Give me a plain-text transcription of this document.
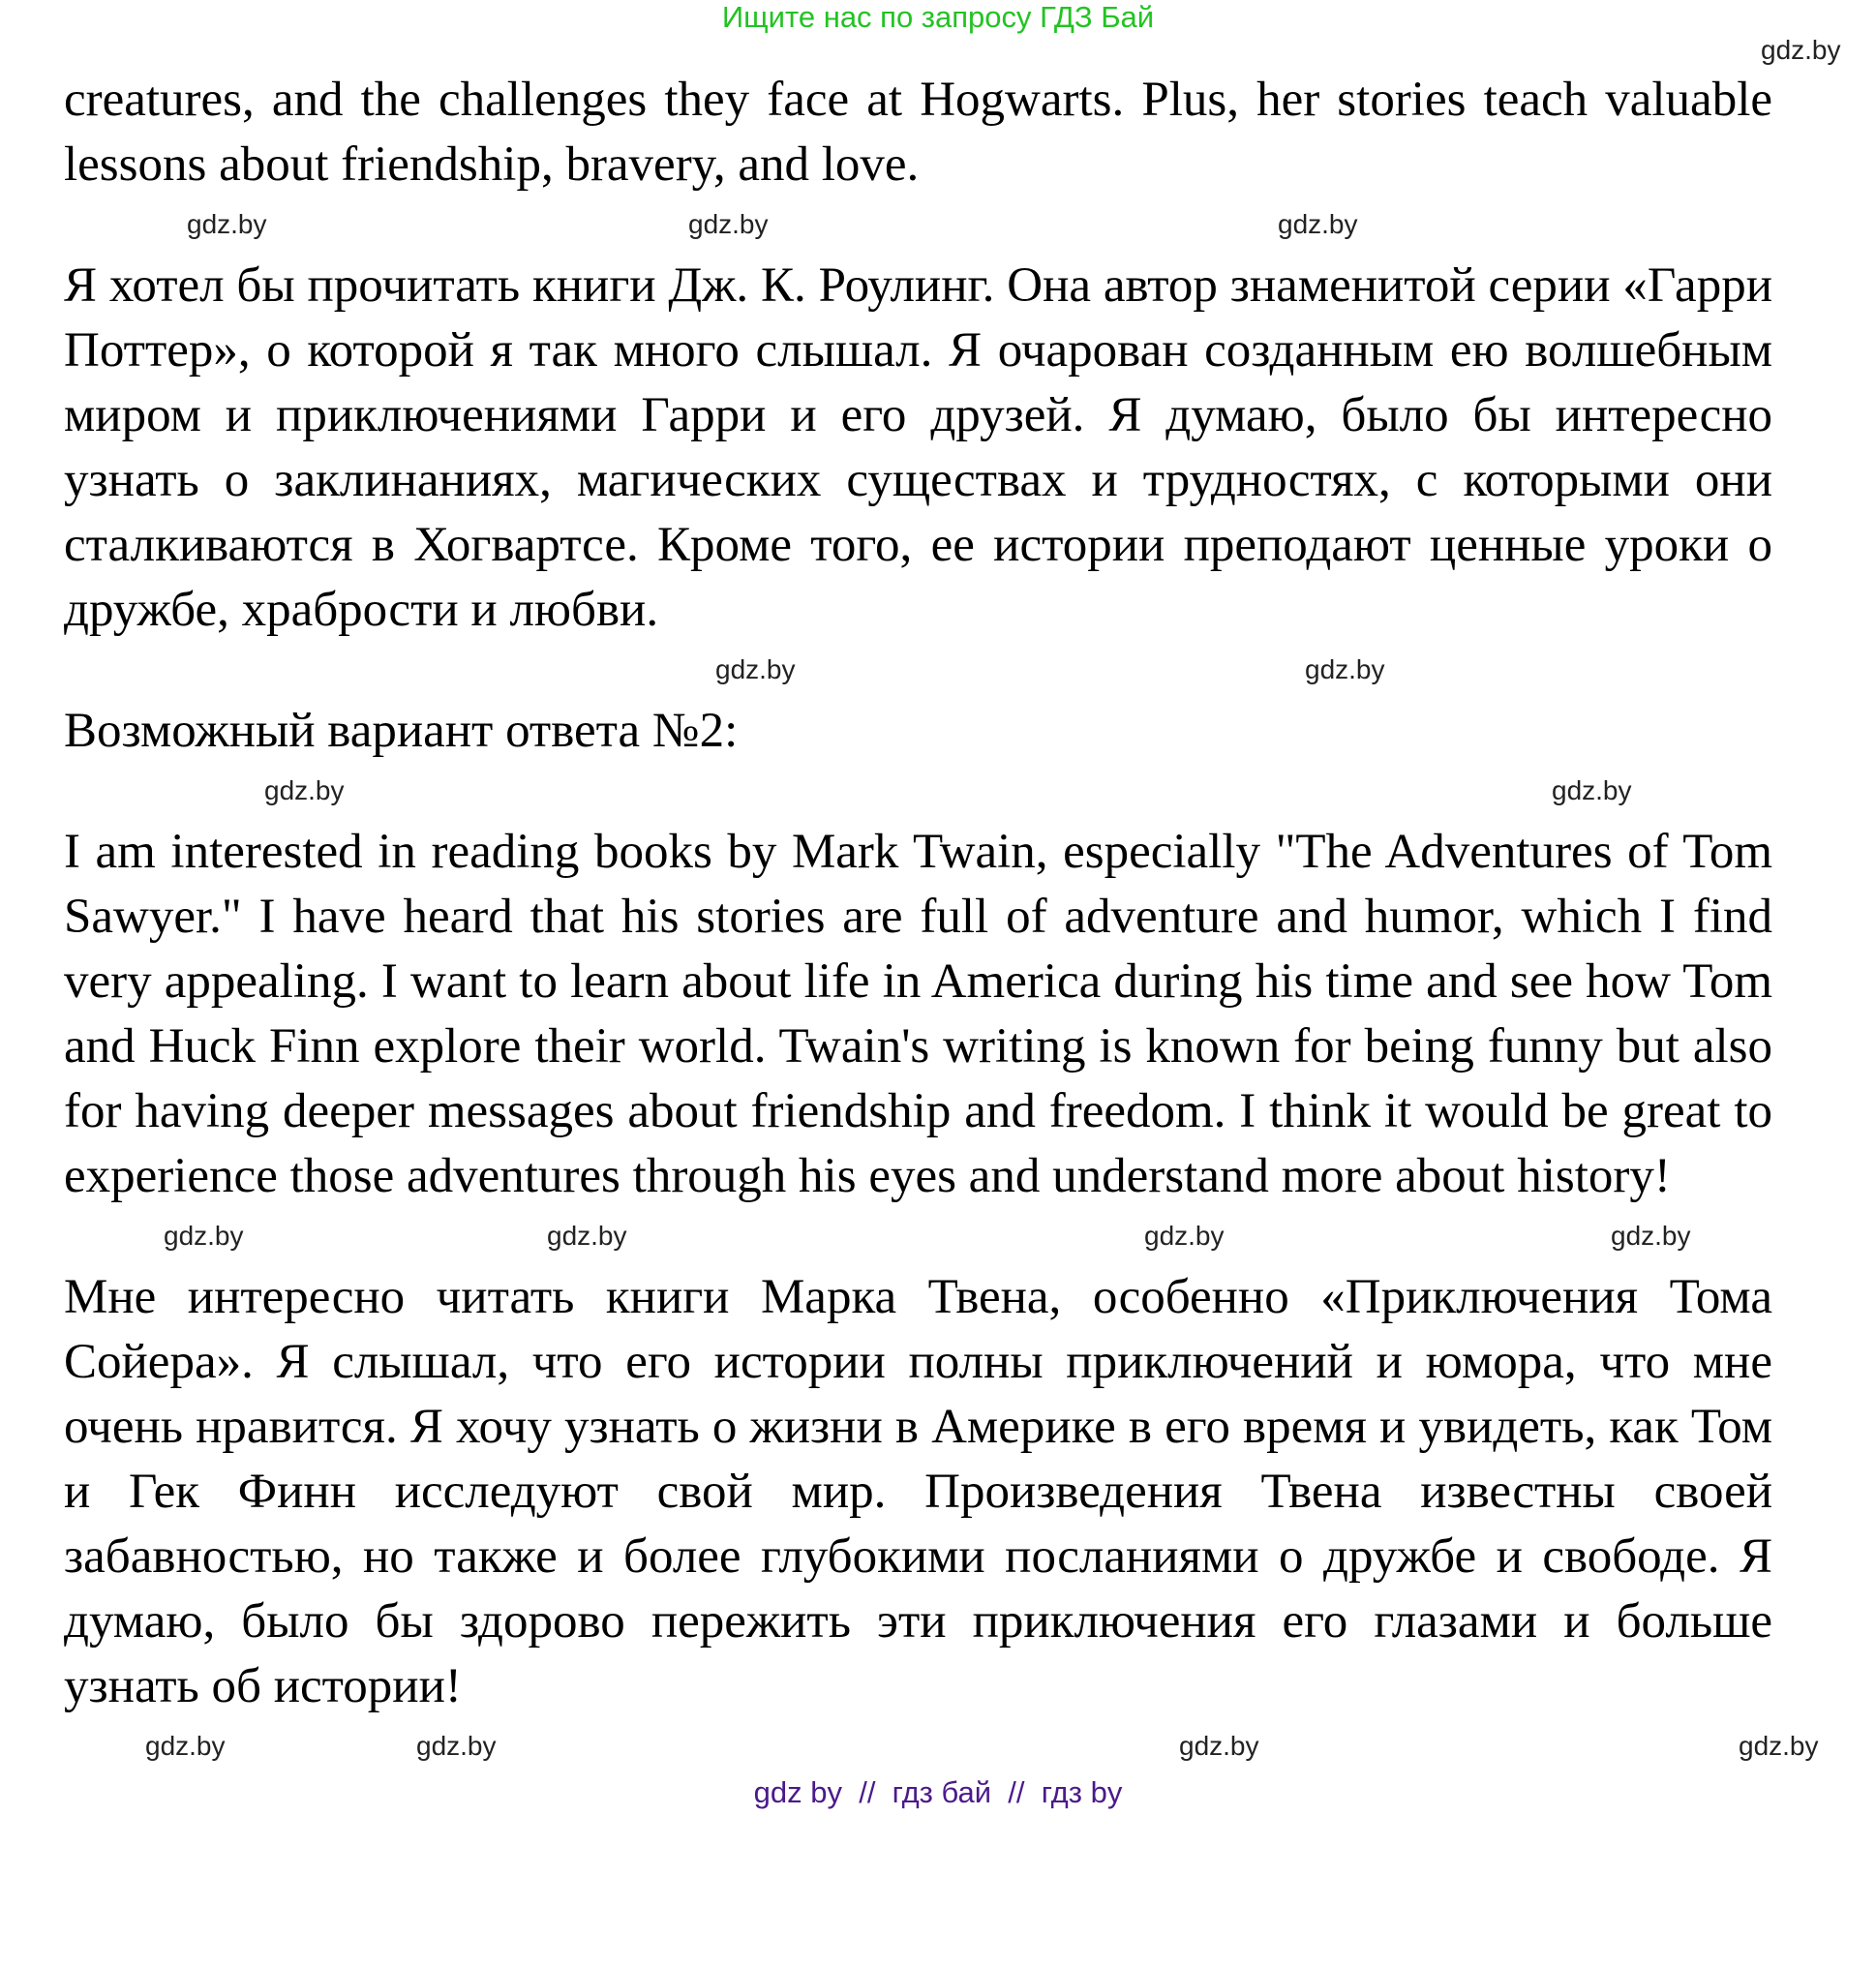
Ищите нас по запросу ГДЗ Бай
gdz.by

creatures, and the challenges they face at Hogwarts. Plus, her stories teach valuable lessons about friendship, bravery, and love.

gdz.by	gdz.by	gdz.by

Я хотел бы прочитать книги Дж. К. Роулинг. Она автор знаменитой серии «Гарри Поттер», о которой я так много слышал. Я очарован созданным ею волшебным миром и приключениями Гарри и его друзей. Я думаю, было бы интересно узнать о заклинаниях, магических существах и трудностях, с которыми они сталкиваются в Хогвартсе. Кроме того, ее истории преподают ценные уроки о дружбе, храбрости и любви.

gdz.by	gdz.by

Возможный вариант ответа №2:

gdz.by	gdz.by

I am interested in reading books by Mark Twain, especially "The Adventures of Tom Sawyer." I have heard that his stories are full of adventure and humor, which I find very appealing. I want to learn about life in America during his time and see how Tom and Huck Finn explore their world. Twain's writing is known for being funny but also for having deeper messages about friendship and freedom. I think it would be great to experience those adventures through his eyes and understand more about history!

gdz.by	gdz.by	gdz.by	gdz.by

Мне интересно читать книги Марка Твена, особенно «Приключения Тома Сойера». Я слышал, что его истории полны приключений и юмора, что мне очень нравится. Я хочу узнать о жизни в Америке в его время и увидеть, как Том и Гек Финн исследуют свой мир. Произведения Твена известны своей забавностью, но также и более глубокими посланиями о дружбе и свободе. Я думаю, было бы здорово пережить эти приключения его глазами и больше узнать об истории!

gdz.by	gdz.by	gdz.by	gdz.by
gdz by  //  гдз бай  //  гдз by
